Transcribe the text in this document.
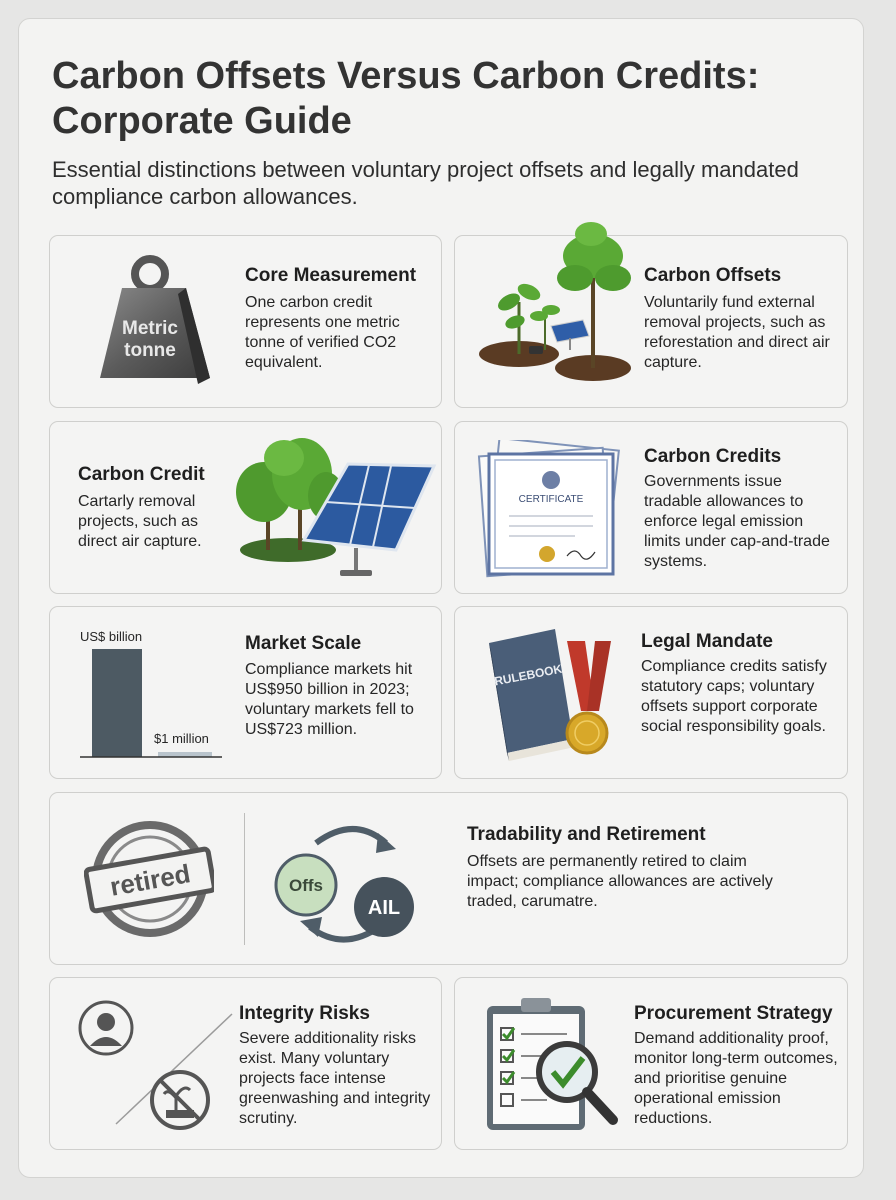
Carbon Offsets Versus Carbon Credits: Corporate Guide

Essential distinctions between voluntary project offsets and legally mandated compliance carbon allowances.

Metric
tonne
Core Measurement

One carbon credit represents one metric tonne of verified CO2 equivalent.

Carbon Offsets

Voluntarily fund external removal projects, such as reforestation and direct air capture.

Carbon Credit

Cartarly removal projects, such as direct air capture.

CERTIFICATE
Carbon Credits

Governments issue tradable allowances to enforce legal emission limits under cap-and-trade systems.

US$ billion
$1 million
Market Scale

Compliance markets hit US$950 billion in 2023; voluntary markets fell to US$723 million.

RULEBOOK
Legal Mandate

Compliance credits satisfy statutory caps; voluntary offsets support corporate social responsibility goals.

retired	Offs
AIL
Tradability and Retirement

Offsets are permanently retired to claim impact; compliance allowances are actively traded, carumatre.

Integrity Risks

Severe additionality risks exist. Many voluntary projects face intense greenwashing and integrity scrutiny.

Procurement Strategy

Demand additionality proof, monitor long-term outcomes, and prioritise genuine operational emission reductions.
